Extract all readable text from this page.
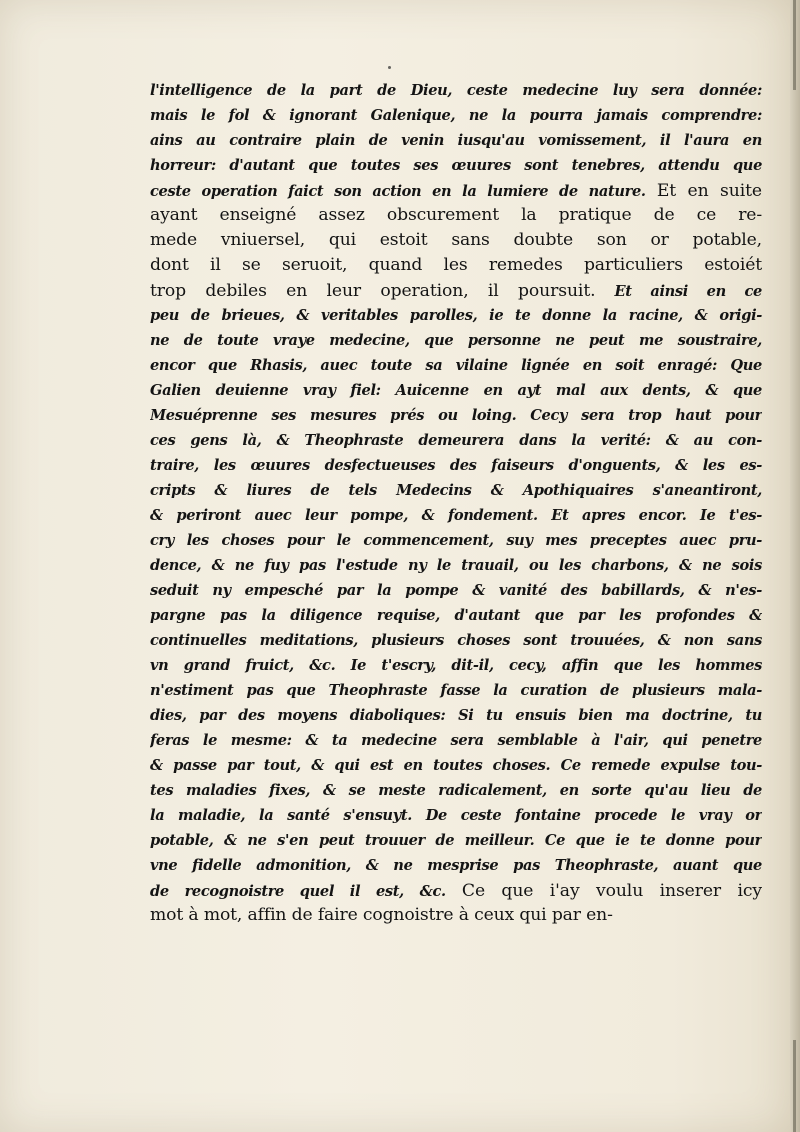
l'intelligence de la part de Dieu, ceste medecine luy sera donnée:
mais le fol & ignorant Galenique, ne la pourra jamais comprendre:
ains au contraire plain de venin iusqu'au vomissement, il l'aura en
horreur: d'autant que toutes ses œuures sont tenebres, attendu que
ceste operation faict son action en la lumiere de nature. Et en suite
ayant enseigné assez obscurement la pratique de ce re-
mede vniuersel, qui estoit sans doubte son or potable,
dont il se seruoit, quand les remedes particuliers estoiét
trop debiles en leur operation, il poursuit. Et ainsi en ce
peu de brieues, & veritables parolles, ie te donne la racine, & origi-
ne de toute vraye medecine, que personne ne peut me soustraire,
encor que Rhasis, auec toute sa vilaine lignée en soit enragé: Que
Galien deuienne vray fiel: Auicenne en ayt mal aux dents, & que
Mesuéprenne ses mesures prés ou loing. Cecy sera trop haut pour
ces gens là, & Theophraste demeurera dans la verité: & au con-
traire, les œuures desfectueuses des faiseurs d'onguents, & les es-
cripts & liures de tels Medecins & Apothiquaires s'aneantiront,
& periront auec leur pompe, & fondement. Et apres encor. Ie t'es-
cry les choses pour le commencement, suy mes preceptes auec pru-
dence, & ne fuy pas l'estude ny le trauail, ou les charbons, & ne sois
seduit ny empesché par la pompe & vanité des babillards, & n'es-
pargne pas la diligence requise, d'autant que par les profondes &
continuelles meditations, plusieurs choses sont trouuées, & non sans
vn grand fruict, &c. Ie t'escry, dit-il, cecy, affin que les hommes
n'estiment pas que Theophraste fasse la curation de plusieurs mala-
dies, par des moyens diaboliques: Si tu ensuis bien ma doctrine, tu
feras le mesme: & ta medecine sera semblable à l'air, qui penetre
& passe par tout, & qui est en toutes choses. Ce remede expulse tou-
tes maladies fixes, & se meste radicalement, en sorte qu'au lieu de
la maladie, la santé s'ensuyt. De ceste fontaine procede le vray or
potable, & ne s'en peut trouuer de meilleur. Ce que ie te donne pour
vne fidelle admonition, & ne mesprise pas Theophraste, auant que
de recognoistre quel il est, &c. Ce que i'ay voulu inserer icy
mot à mot, affin de faire cognoistre à ceux qui par en-
